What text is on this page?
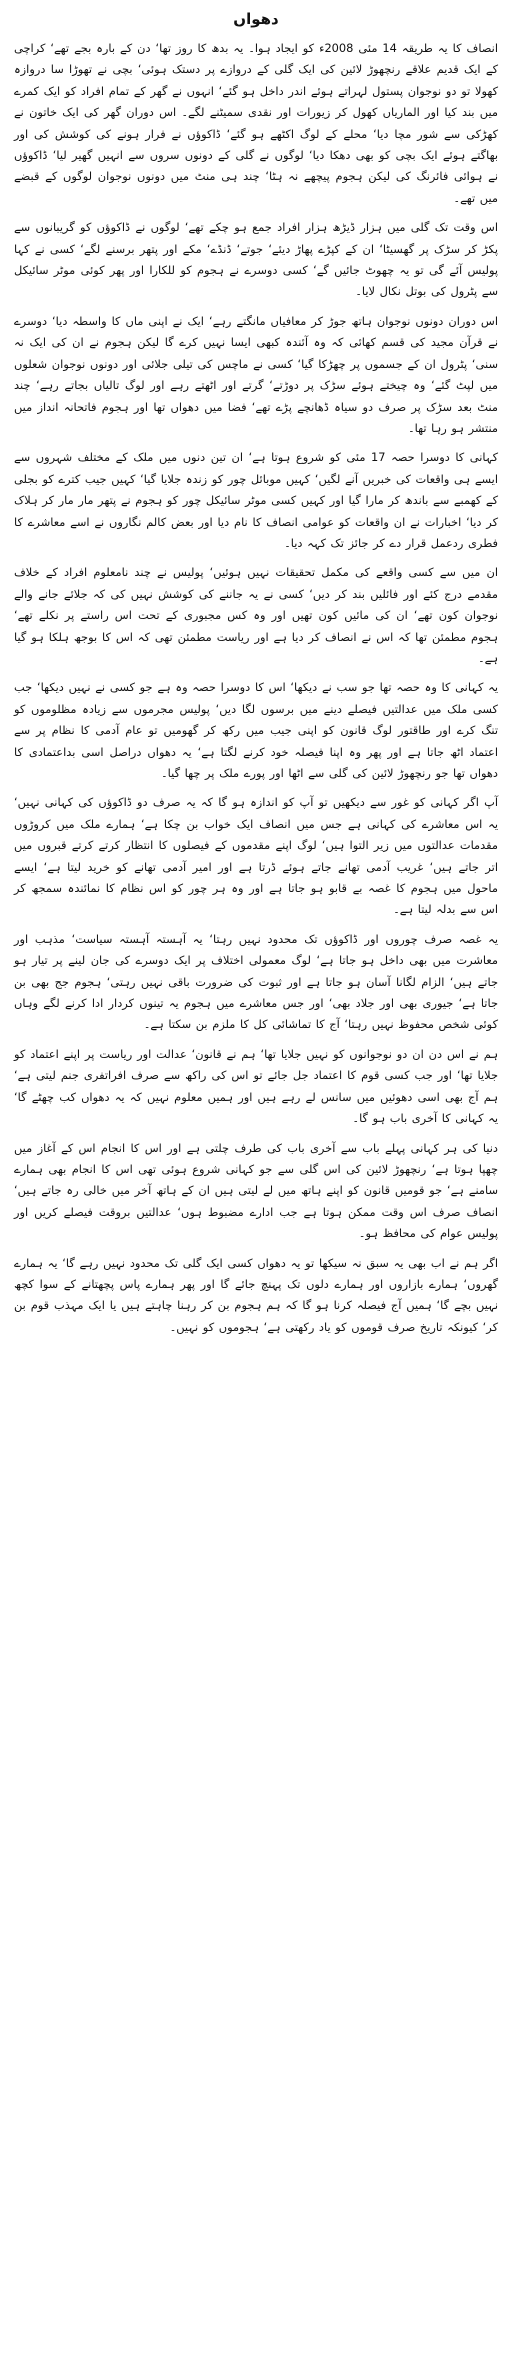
دھواں

انصاف کا یہ طریقہ 14 مئی 2008ء کو ایجاد ہوا۔ یہ بدھ کا روز تھا‘ دن کے بارہ بجے تھے‘ کراچی کے ایک قدیم علاقے رنچھوڑ لائین کی ایک گلی کے دروازے پر دستک ہوئی‘ بچی نے تھوڑا سا دروازہ کھولا تو دو نوجوان پستول لہراتے ہوئے اندر داخل ہو گئے‘ انہوں نے گھر کے تمام افراد کو ایک کمرے میں بند کیا اور الماریاں کھول کر زیورات اور نقدی سمیٹنے لگے۔ اس دوران گھر کی ایک خاتون نے کھڑکی سے شور مچا دیا‘ محلے کے لوگ اکٹھے ہو گئے‘ ڈاکوؤں نے فرار ہونے کی کوشش کی اور بھاگتے ہوئے ایک بچی کو بھی دھکا دیا‘ لوگوں نے گلی کے دونوں سروں سے انہیں گھیر لیا‘ ڈاکوؤں نے ہوائی فائرنگ کی لیکن ہجوم پیچھے نہ ہٹا‘ چند ہی منٹ میں دونوں نوجوان لوگوں کے قبضے میں تھے۔

اس وقت تک گلی میں ہزار ڈیڑھ ہزار افراد جمع ہو چکے تھے‘ لوگوں نے ڈاکوؤں کو گریبانوں سے پکڑ کر سڑک پر گھسیٹا‘ ان کے کپڑے پھاڑ دیئے‘ جوتے‘ ڈنڈے‘ مکے اور پتھر برسنے لگے‘ کسی نے کہا پولیس آئے گی تو یہ چھوٹ جائیں گے‘ کسی دوسرے نے ہجوم کو للکارا اور پھر کوئی موٹر سائیکل سے پٹرول کی بوتل نکال لایا۔

اس دوران دونوں نوجوان ہاتھ جوڑ کر معافیاں مانگتے رہے‘ ایک نے اپنی ماں کا واسطہ دیا‘ دوسرے نے قرآن مجید کی قسم کھائی کہ وہ آئندہ کبھی ایسا نہیں کرے گا لیکن ہجوم نے ان کی ایک نہ سنی‘ پٹرول ان کے جسموں پر چھڑکا گیا‘ کسی نے ماچس کی تیلی جلائی اور دونوں نوجوان شعلوں میں لپٹ گئے‘ وہ چیختے ہوئے سڑک پر دوڑتے‘ گرتے اور اٹھتے رہے اور لوگ تالیاں بجاتے رہے‘ چند منٹ بعد سڑک پر صرف دو سیاہ ڈھانچے پڑے تھے‘ فضا میں دھواں تھا اور ہجوم فاتحانہ انداز میں منتشر ہو رہا تھا۔

کہانی کا دوسرا حصہ 17 مئی کو شروع ہوتا ہے‘ ان تین دنوں میں ملک کے مختلف شہروں سے ایسے ہی واقعات کی خبریں آنے لگیں‘ کہیں موبائل چور کو زندہ جلایا گیا‘ کہیں جیب کترے کو بجلی کے کھمبے سے باندھ کر مارا گیا اور کہیں کسی موٹر سائیکل چور کو ہجوم نے پتھر مار مار کر ہلاک کر دیا‘ اخبارات نے ان واقعات کو عوامی انصاف کا نام دیا اور بعض کالم نگاروں نے اسے معاشرے کا فطری ردعمل قرار دے کر جائز تک کہہ دیا۔

ان میں سے کسی واقعے کی مکمل تحقیقات نہیں ہوئیں‘ پولیس نے چند نامعلوم افراد کے خلاف مقدمے درج کئے اور فائلیں بند کر دیں‘ کسی نے یہ جاننے کی کوشش نہیں کی کہ جلائے جانے والے نوجوان کون تھے‘ ان کی مائیں کون تھیں اور وہ کس مجبوری کے تحت اس راستے پر نکلے تھے‘ ہجوم مطمئن تھا کہ اس نے انصاف کر دیا ہے اور ریاست مطمئن تھی کہ اس کا بوجھ ہلکا ہو گیا ہے۔

یہ کہانی کا وہ حصہ تھا جو سب نے دیکھا‘ اس کا دوسرا حصہ وہ ہے جو کسی نے نہیں دیکھا‘ جب کسی ملک میں عدالتیں فیصلے دینے میں برسوں لگا دیں‘ پولیس مجرموں سے زیادہ مظلوموں کو تنگ کرے اور طاقتور لوگ قانون کو اپنی جیب میں رکھ کر گھومیں تو عام آدمی کا نظام پر سے اعتماد اٹھ جاتا ہے اور پھر وہ اپنا فیصلہ خود کرنے لگتا ہے‘ یہ دھواں دراصل اسی بداعتمادی کا دھواں تھا جو رنچھوڑ لائین کی گلی سے اٹھا اور پورے ملک پر چھا گیا۔

آپ اگر کہانی کو غور سے دیکھیں تو آپ کو اندازہ ہو گا کہ یہ صرف دو ڈاکوؤں کی کہانی نہیں‘ یہ اس معاشرے کی کہانی ہے جس میں انصاف ایک خواب بن چکا ہے‘ ہمارے ملک میں کروڑوں مقدمات عدالتوں میں زیر التوا ہیں‘ لوگ اپنے مقدموں کے فیصلوں کا انتظار کرتے کرتے قبروں میں اتر جاتے ہیں‘ غریب آدمی تھانے جاتے ہوئے ڈرتا ہے اور امیر آدمی تھانے کو خرید لیتا ہے‘ ایسے ماحول میں ہجوم کا غصہ بے قابو ہو جاتا ہے اور وہ ہر چور کو اس نظام کا نمائندہ سمجھ کر اس سے بدلہ لیتا ہے۔

یہ غصہ صرف چوروں اور ڈاکوؤں تک محدود نہیں رہتا‘ یہ آہستہ آہستہ سیاست‘ مذہب اور معاشرت میں بھی داخل ہو جاتا ہے‘ لوگ معمولی اختلاف پر ایک دوسرے کی جان لینے پر تیار ہو جاتے ہیں‘ الزام لگانا آسان ہو جاتا ہے اور ثبوت کی ضرورت باقی نہیں رہتی‘ ہجوم جج بھی بن جاتا ہے‘ جیوری بھی اور جلاد بھی‘ اور جس معاشرے میں ہجوم یہ تینوں کردار ادا کرنے لگے وہاں کوئی شخص محفوظ نہیں رہتا‘ آج کا تماشائی کل کا ملزم بن سکتا ہے۔

ہم نے اس دن ان دو نوجوانوں کو نہیں جلایا تھا‘ ہم نے قانون‘ عدالت اور ریاست پر اپنے اعتماد کو جلایا تھا‘ اور جب کسی قوم کا اعتماد جل جائے تو اس کی راکھ سے صرف افراتفری جنم لیتی ہے‘ ہم آج بھی اسی دھوئیں میں سانس لے رہے ہیں اور ہمیں معلوم نہیں کہ یہ دھواں کب چھٹے گا‘ یہ کہانی کا آخری باب ہو گا۔

دنیا کی ہر کہانی پہلے باب سے آخری باب کی طرف چلتی ہے اور اس کا انجام اس کے آغاز میں چھپا ہوتا ہے‘ رنچھوڑ لائین کی اس گلی سے جو کہانی شروع ہوئی تھی اس کا انجام بھی ہمارے سامنے ہے‘ جو قومیں قانون کو اپنے ہاتھ میں لے لیتی ہیں ان کے ہاتھ آخر میں خالی رہ جاتے ہیں‘ انصاف صرف اس وقت ممکن ہوتا ہے جب ادارے مضبوط ہوں‘ عدالتیں بروقت فیصلے کریں اور پولیس عوام کی محافظ ہو۔

اگر ہم نے اب بھی یہ سبق نہ سیکھا تو یہ دھواں کسی ایک گلی تک محدود نہیں رہے گا‘ یہ ہمارے گھروں‘ ہمارے بازاروں اور ہمارے دلوں تک پہنچ جائے گا اور پھر ہمارے پاس پچھتانے کے سوا کچھ نہیں بچے گا‘ ہمیں آج فیصلہ کرنا ہو گا کہ ہم ہجوم بن کر رہنا چاہتے ہیں یا ایک مہذب قوم بن کر‘ کیونکہ تاریخ صرف قوموں کو یاد رکھتی ہے‘ ہجوموں کو نہیں۔
